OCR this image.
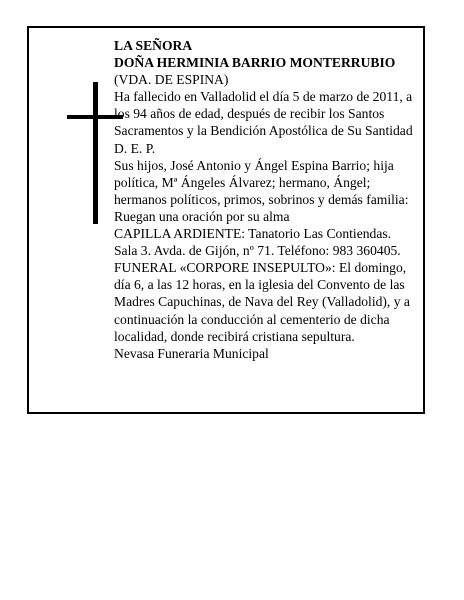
LA SEÑORA
DOÑA HERMINIA BARRIO MONTERRUBIO
(VDA. DE ESPINA)
Ha fallecido en Valladolid el día 5 de marzo de 2011, a
los 94 años de edad, después de recibir los Santos
Sacramentos y la Bendición Apostólica de Su Santidad
D. E. P.
Sus hijos, José Antonio y Ángel Espina Barrio; hija
política, Mª Ángeles Álvarez; hermano, Ángel;
hermanos políticos, primos, sobrinos y demás familia:
Ruegan una oración por su alma
CAPILLA ARDIENTE: Tanatorio Las Contiendas.
Sala 3. Avda. de Gijón, nº 71. Teléfono: 983 360405.
FUNERAL «CORPORE INSEPULTO»: El domingo,
día 6, a las 12 horas, en la iglesia del Convento de las
Madres Capuchinas, de Nava del Rey (Valladolid), y a
continuación la conducción al cementerio de dicha
localidad, donde recibirá cristiana sepultura.
Nevasa Funeraria Municipal
